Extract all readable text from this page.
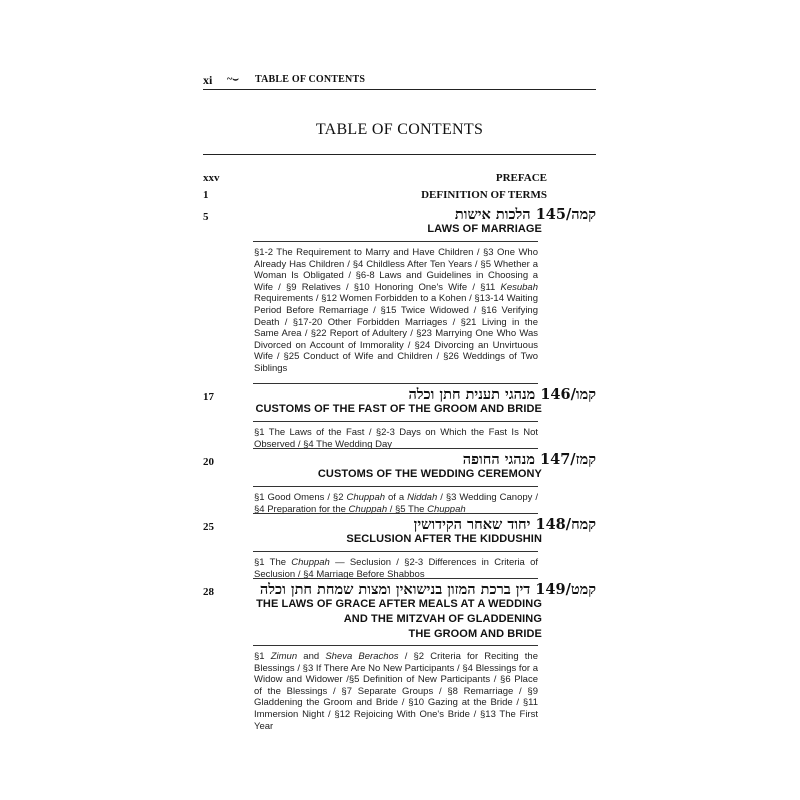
xi ~⌣ TABLE OF CONTENTS
TABLE OF CONTENTS
xxv	PREFACE
1	DEFINITION OF TERMS
5	קמה/145 הלכות אישות
LAWS OF MARRIAGE
§1-2 The Requirement to Marry and Have Children / §3 One Who Already Has Children / §4 Childless After Ten Years / §5 Whether a Woman Is Obligated / §6-8 Laws and Guidelines in Choosing a Wife / §9 Relatives / §10 Honoring One's Wife / §11 Kesubah Requirements / §12 Women Forbidden to a Kohen / §13-14 Waiting Period Before Remarriage / §15 Twice Widowed / §16 Verifying Death / §17-20 Other Forbidden Marriages / §21 Living in the Same Area / §22 Report of Adultery / §23 Marrying One Who Was Divorced on Account of Immorality / §24 Divorcing an Unvirtuous Wife / §25 Conduct of Wife and Children / §26 Weddings of Two Siblings
17	קמו/146 מנהגי תענית חתן וכלה
CUSTOMS OF THE FAST OF THE GROOM AND BRIDE
§1 The Laws of the Fast / §2-3 Days on Which the Fast Is Not Observed / §4 The Wedding Day
20	קמז/147 מנהגי החופה
CUSTOMS OF THE WEDDING CEREMONY
§1 Good Omens / §2 Chuppah of a Niddah / §3 Wedding Canopy / §4 Preparation for the Chuppah / §5 The Chuppah
25	קמח/148 יחוד שאחר הקידושין
SECLUSION AFTER THE KIDDUSHIN
§1 The Chuppah — Seclusion / §2-3 Differences in Criteria of Seclusion / §4 Marriage Before Shabbos
28	קמט/149 דין ברכת המזון בנישואין ומצות שמחת חתן וכלה
THE LAWS OF GRACE AFTER MEALS AT A WEDDING
AND THE MITZVAH OF GLADDENING
THE GROOM AND BRIDE
§1 Zimun and Sheva Berachos / §2 Criteria for Reciting the Blessings / §3 If There Are No New Participants / §4 Blessings for a Widow and Widower /§5 Definition of New Participants / §6 Place of the Blessings / §7 Separate Groups / §8 Remarriage / §9 Gladdening the Groom and Bride / §10 Gazing at the Bride / §11 Immersion Night / §12 Rejoicing With One's Bride / §13 The First Year
